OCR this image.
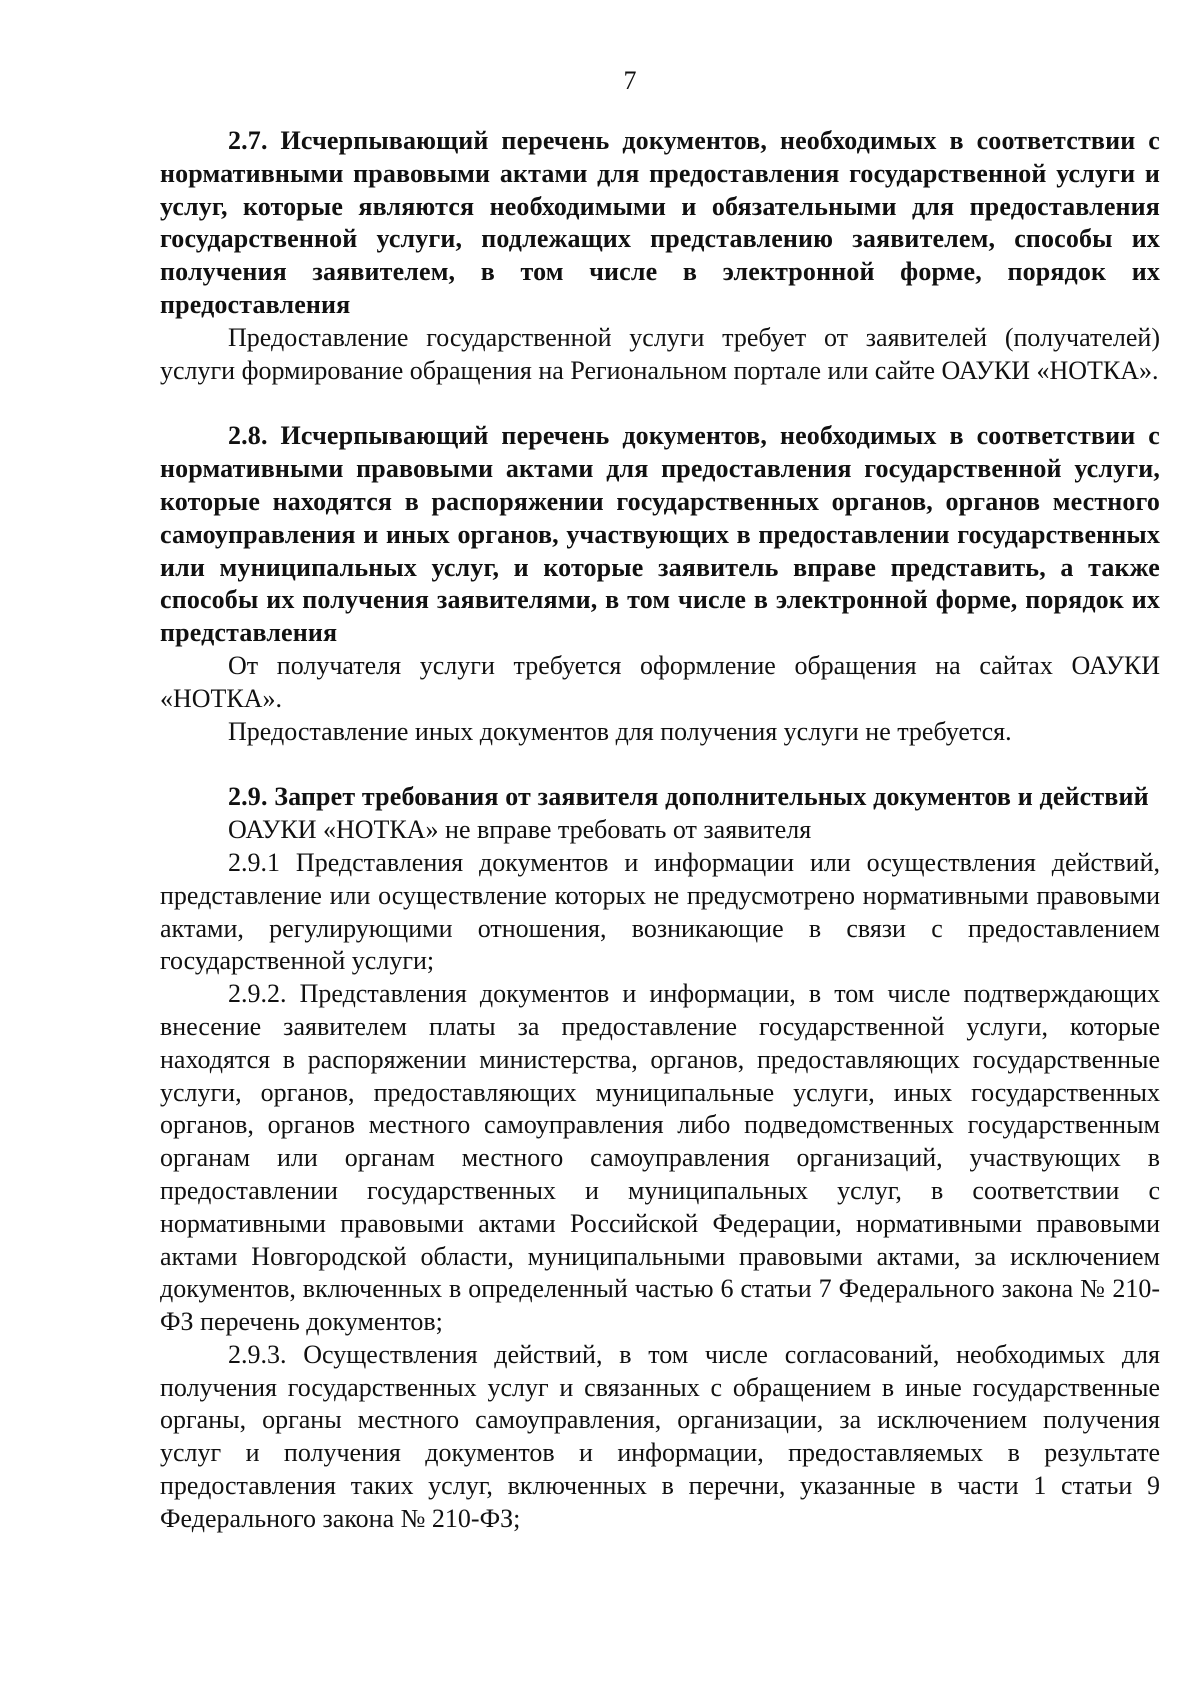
7

2.7. Исчерпывающий перечень документов, необходимых в соответствии с нормативными правовыми актами для предоставления государственной услуги и услуг, которые являются необходимыми и обязательными для предоставления государственной услуги, подлежащих представлению заявителем, способы их получения заявителем, в том числе в электронной форме, порядок их предоставления

Предоставление государственной услуги требует от заявителей (получателей) услуги формирование обращения на Региональном портале или сайте ОАУКИ «НОТКА».

2.8. Исчерпывающий перечень документов, необходимых в соответствии с нормативными правовыми актами для предоставления государственной услуги, которые находятся в распоряжении государственных органов, органов местного самоуправления и иных органов, участвующих в предоставлении государственных или муниципальных услуг, и которые заявитель вправе представить, а также способы их получения заявителями, в том числе в электронной форме, порядок их представления

От получателя услуги требуется оформление обращения на сайтах ОАУКИ «НОТКА».

Предоставление иных документов для получения услуги не требуется.

2.9. Запрет требования от заявителя дополнительных документов и действий

ОАУКИ «НОТКА» не вправе требовать от заявителя

2.9.1 Представления документов и информации или осуществления действий, представление или осуществление которых не предусмотрено нормативными правовыми актами, регулирующими отношения, возникающие в связи с предоставлением государственной услуги;

2.9.2. Представления документов и информации, в том числе подтверждающих внесение заявителем платы за предоставление государственной услуги, которые находятся в распоряжении министерства, органов, предоставляющих государственные услуги, органов, предоставляющих муниципальные услуги, иных государственных органов, органов местного самоуправления либо подведомственных государственным органам или органам местного самоуправления организаций, участвующих в предоставлении государственных и муниципальных услуг, в соответствии с нормативными правовыми актами Российской Федерации, нормативными правовыми актами Новгородской области, муниципальными правовыми актами, за исключением документов, включенных в определенный частью 6 статьи 7 Федерального закона № 210-ФЗ перечень документов;

2.9.3. Осуществления действий, в том числе согласований, необходимых для получения государственных услуг и связанных с обращением в иные государственные органы, органы местного самоуправления, организации, за исключением получения услуг и получения документов и информации, предоставляемых в результате предоставления таких услуг, включенных в перечни, указанные в части 1 статьи 9 Федерального закона № 210-ФЗ;
